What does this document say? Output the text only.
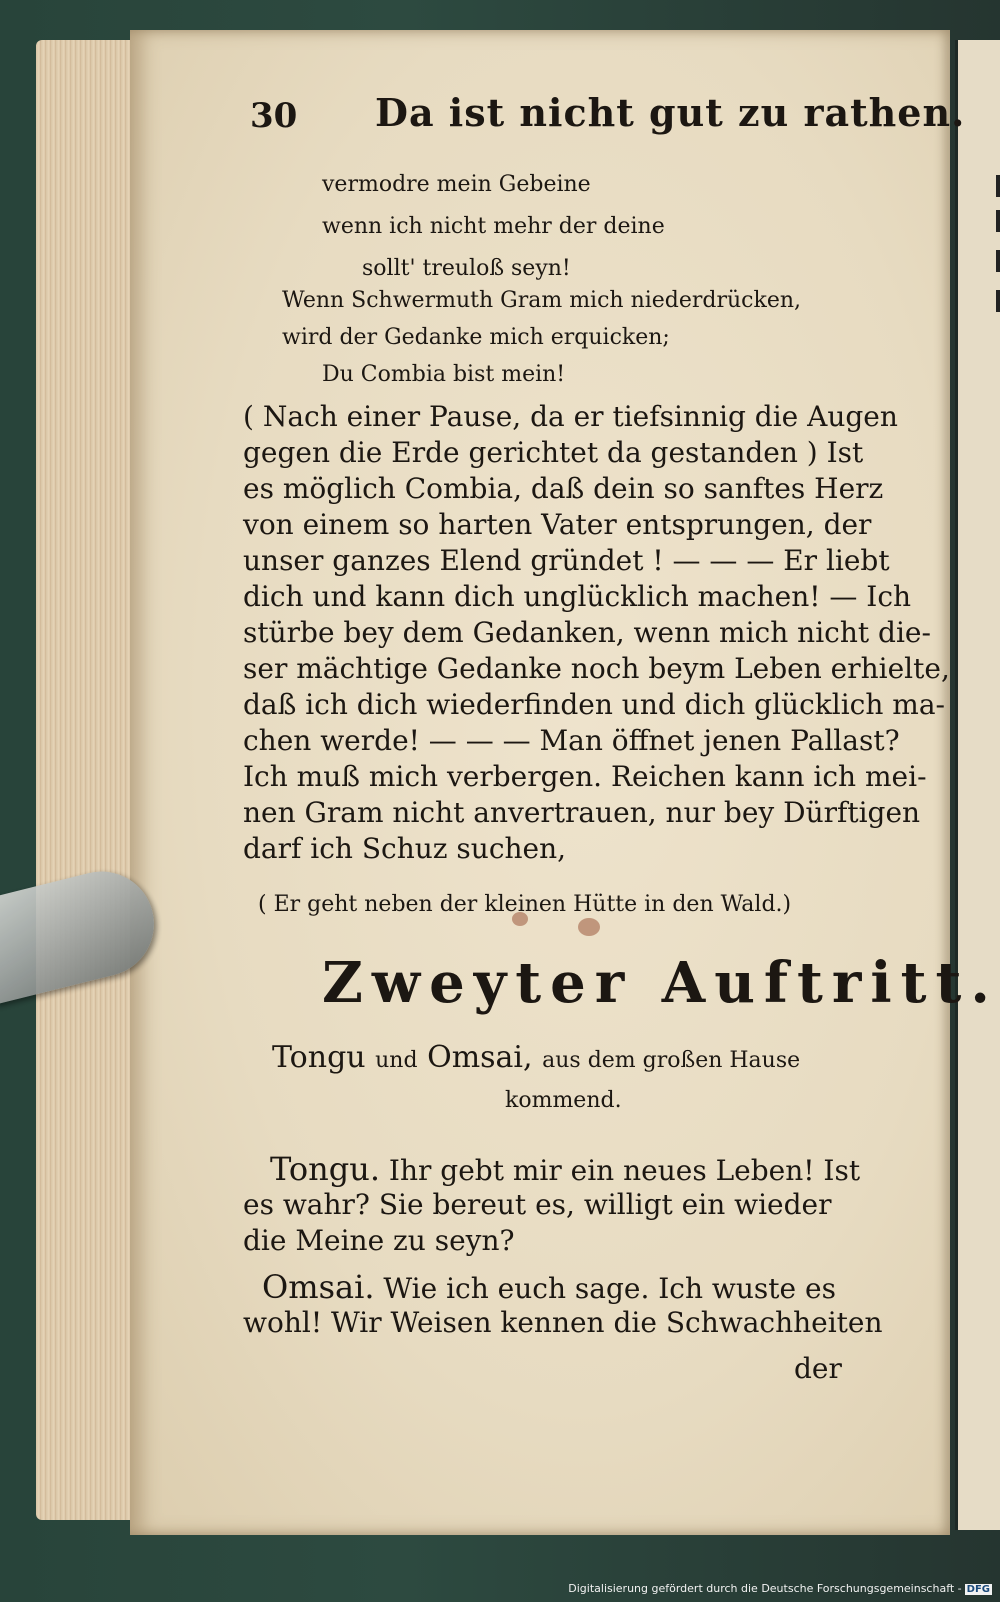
30 Da ist nicht gut zu rathen.
vermodre mein Gebeine
wenn ich nicht mehr der deine
sollt' treuloß seyn!
Wenn Schwermuth Gram mich niederdrücken,
wird der Gedanke mich erquicken;
Du Combia bist mein!
( Nach einer Pause, da er tiefsinnig die Augen
gegen die Erde gerichtet da gestanden ) Ist
es möglich Combia, daß dein so sanftes Herz
von einem so harten Vater entsprungen, der
unser ganzes Elend gründet ! — — — Er liebt
dich und kann dich unglücklich machen! — Ich
stürbe bey dem Gedanken, wenn mich nicht die-
ser mächtige Gedanke noch beym Leben erhielte,
daß ich dich wiederfinden und dich glücklich ma-
chen werde! — — — Man öffnet jenen Pallast?
Ich muß mich verbergen. Reichen kann ich mei-
nen Gram nicht anvertrauen, nur bey Dürftigen
darf ich Schuz suchen,
( Er geht neben der kleinen Hütte in den Wald.)
Zweyter Auftritt.
Tongu und Omsai, aus dem großen Hause
kommend.
Tongu. Ihr gebt mir ein neues Leben! Ist
es wahr? Sie bereut es, willigt ein wieder
die Meine zu seyn?
Omsai. Wie ich euch sage. Ich wuste es
wohl! Wir Weisen kennen die Schwachheiten
der
Digitalisierung gefördert durch die Deutsche Forschungsgemeinschaft - DFG
